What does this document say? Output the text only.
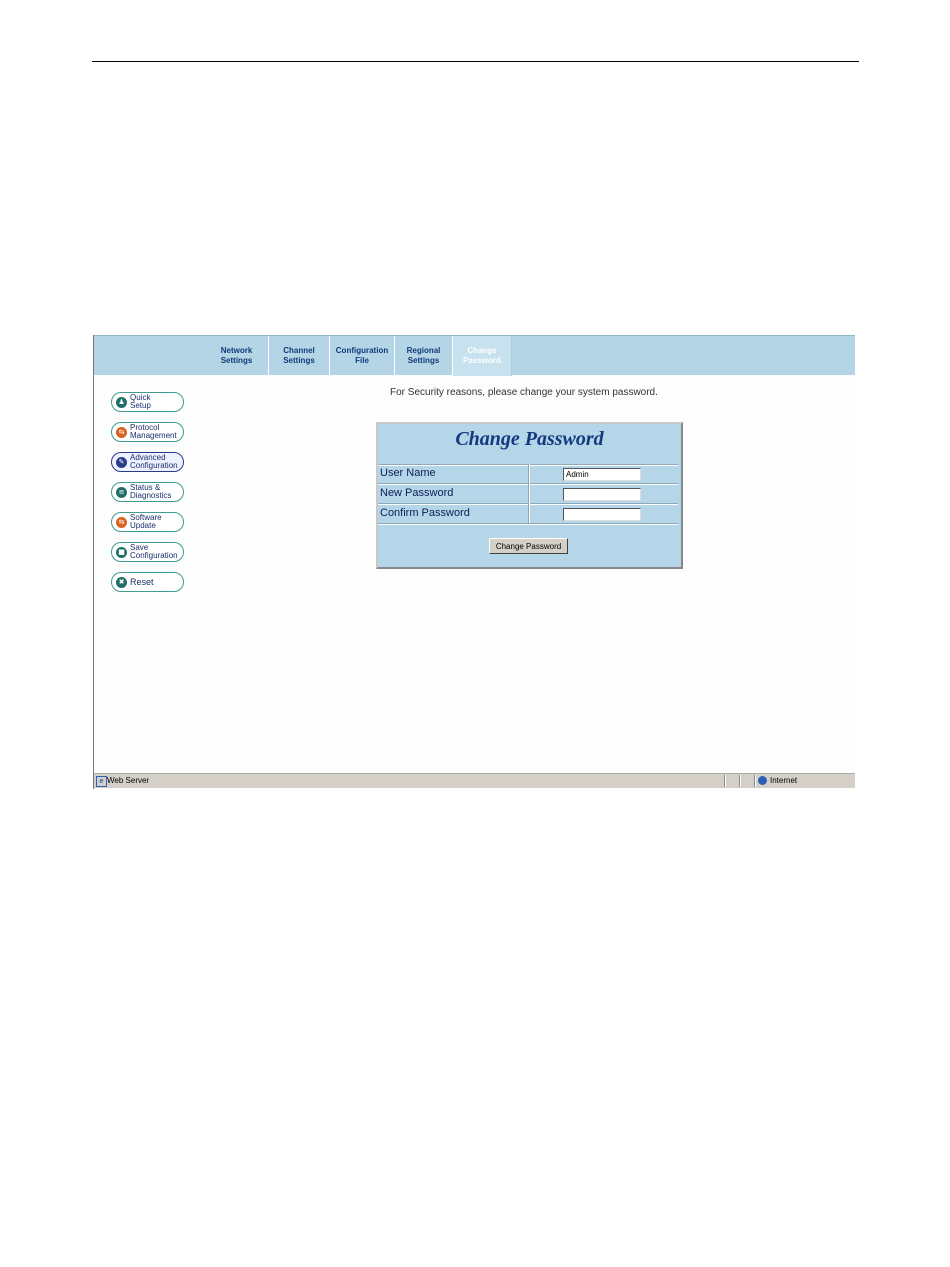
Network
Settings
Channel
Settings
Configuration
File
Regional
Settings
Change
Password
♟ Quick
Setup
⇆ Protocol
Management
✎ Advanced
Configuration
≡ Status &
Diagnostics
⇆ Software
Update
■ Save
Configuration
✖ Reset
For Security reasons, please change your system password.
Change Password
User Name
Admin
New Password
Confirm Password
Change Password
e Web Server	Internet
